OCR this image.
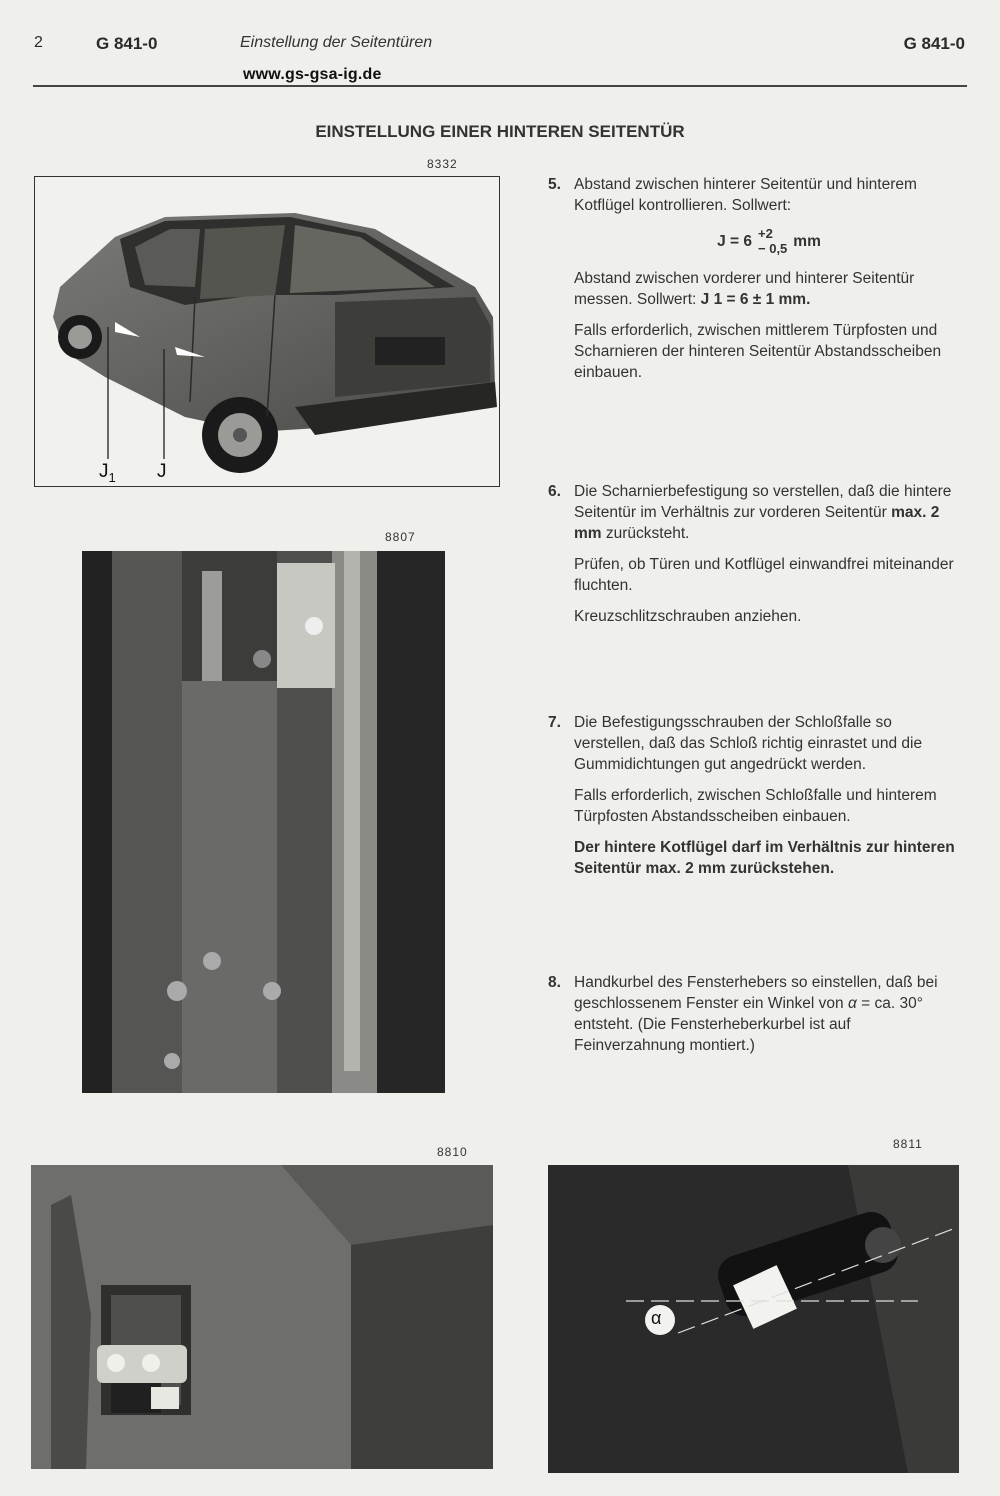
2	G 841-0	Einstellung der Seitentüren	G 841-0
www.gs-gsa-ig.de
EINSTELLUNG EINER HINTEREN SEITENTÜR
8332
$J_1$ J
8807
8810
8811
α
5. Abstand zwischen hinterer Seitentür und hinterem Kotflügel kontrollieren. Sollwert:

J = 6 +2
− 0,5 mm

Abstand zwischen vorderer und hinterer Seitentür messen. Sollwert: J 1 = 6 ± 1 mm.

Falls erforderlich, zwischen mittlerem Türpfosten und Scharnieren der hinteren Seitentür Abstandsscheiben einbauen.

6. Die Scharnierbefestigung so verstellen, daß die hintere Seitentür im Verhältnis zur vorderen Seitentür max. 2 mm zurücksteht.

Prüfen, ob Türen und Kotflügel einwandfrei miteinander fluchten.

Kreuzschlitzschrauben anziehen.

7. Die Befestigungsschrauben der Schloßfalle so verstellen, daß das Schloß richtig einrastet und die Gummidichtungen gut angedrückt werden.

Falls erforderlich, zwischen Schloßfalle und hinterem Türpfosten Abstandsscheiben einbauen.

Der hintere Kotflügel darf im Verhältnis zur hinteren Seitentür max. 2 mm zurückstehen.

8. Handkurbel des Fensterhebers so einstellen, daß bei geschlossenem Fenster ein Winkel von α = ca. 30° entsteht. (Die Fensterheberkurbel ist auf Feinverzahnung montiert.)
